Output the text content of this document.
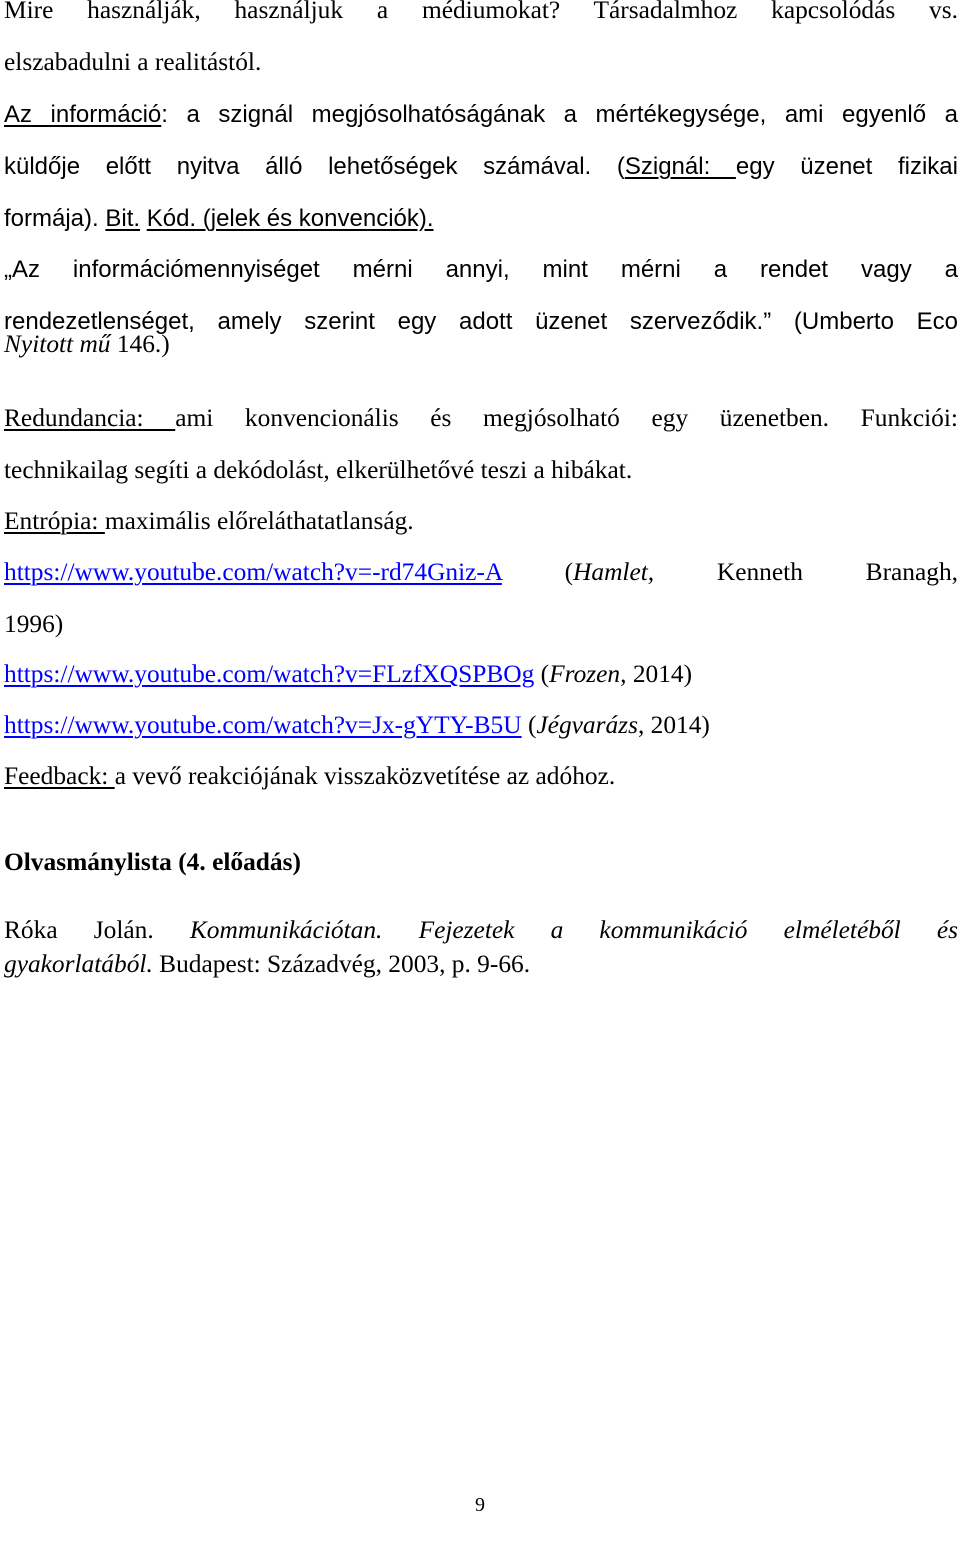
Mire használják, használjuk a médiumokat? Társadalmhoz kapcsolódás vs.

elszabadulni a realitástól.

Az információ: a szignál megjósolhatóságának a mértékegysége, ami egyenlő a

küldője előtt nyitva álló lehetőségek számával. (Szignál: egy üzenet fizikai

formája). Bit. Kód. (jelek és konvenciók).

„Az információmennyiséget mérni annyi, mint mérni a rendet vagy a

rendezetlenséget, amely szerint egy adott üzenet szerveződik.” (Umberto Eco

Nyitott mű 146.)

Redundancia: ami konvencionális és megjósolható egy üzenetben. Funkciói:

technikailag segíti a dekódolást, elkerülhetővé teszi a hibákat.

Entrópia: maximális előreláthatatlanság.

https://www.youtube.com/watch?v=-rd74Gniz-A (Hamlet, Kenneth Branagh,

1996)

https://www.youtube.com/watch?v=FLzfXQSPBOg (Frozen, 2014)

https://www.youtube.com/watch?v=Jx-gYTY-B5U (Jégvarázs, 2014)

Feedback: a vevő reakciójának visszaközvetítése az adóhoz.

Olvasmánylista (4. előadás)

Róka Jolán. Kommunikációtan. Fejezetek a kommunikáció elméletéből és

gyakorlatából. Budapest: Századvég, 2003, p. 9-66.

9
